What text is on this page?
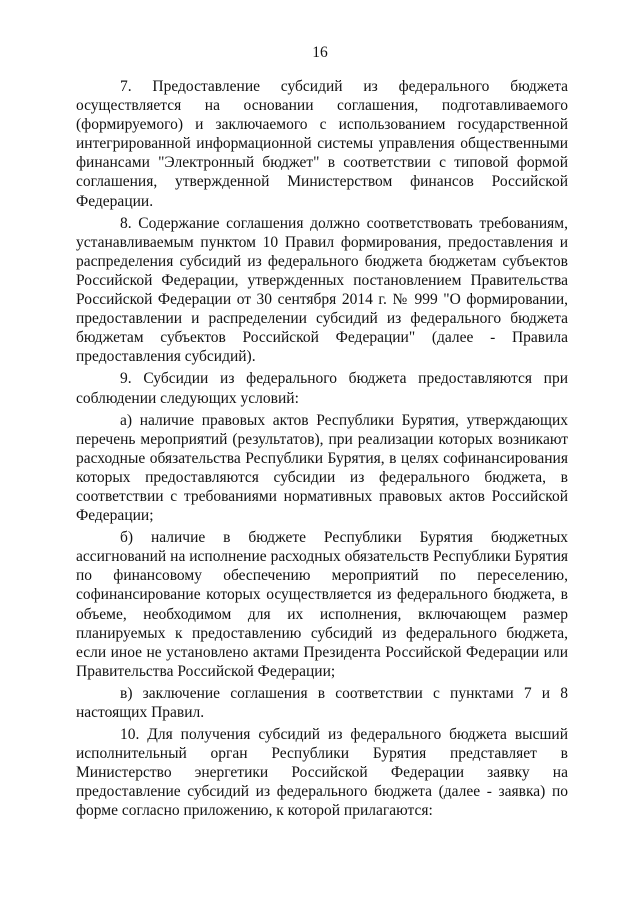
16

7. Предоставление субсидий из федерального бюджета осуществляется на основании соглашения, подготавливаемого (формируемого) и заключаемого с использованием государственной интегрированной информационной системы управления общественными финансами "Электронный бюджет" в соответствии с типовой формой соглашения, утвержденной Министерством финансов Российской Федерации.

8. Содержание соглашения должно соответствовать требованиям, устанавливаемым пунктом 10 Правил формирования, предоставления и распределения субсидий из федерального бюджета бюджетам субъектов Российской Федерации, утвержденных постановлением Правительства Российской Федерации от 30 сентября 2014 г. № 999 "О формировании, предоставлении и распределении субсидий из федерального бюджета бюджетам субъектов Российской Федерации" (далее - Правила предоставления субсидий).

9. Субсидии из федерального бюджета предоставляются при соблюдении следующих условий:

а) наличие правовых актов Республики Бурятия, утверждающих перечень мероприятий (результатов), при реализации которых возникают расходные обязательства Республики Бурятия, в целях софинансирования которых предоставляются субсидии из федерального бюджета, в соответствии с требованиями нормативных правовых актов Российской Федерации;

б) наличие в бюджете Республики Бурятия бюджетных ассигнований на исполнение расходных обязательств Республики Бурятия по финансовому обеспечению мероприятий по переселению, софинансирование которых осуществляется из федерального бюджета, в объеме, необходимом для их исполнения, включающем размер планируемых к предоставлению субсидий из федерального бюджета, если иное не установлено актами Президента Российской Федерации или Правительства Российской Федерации;

в) заключение соглашения в соответствии с пунктами 7 и 8 настоящих Правил.

10. Для получения субсидий из федерального бюджета высший исполнительный орган Республики Бурятия представляет в Министерство энергетики Российской Федерации заявку на предоставление субсидий из федерального бюджета (далее - заявка) по форме согласно приложению, к которой прилагаются:
